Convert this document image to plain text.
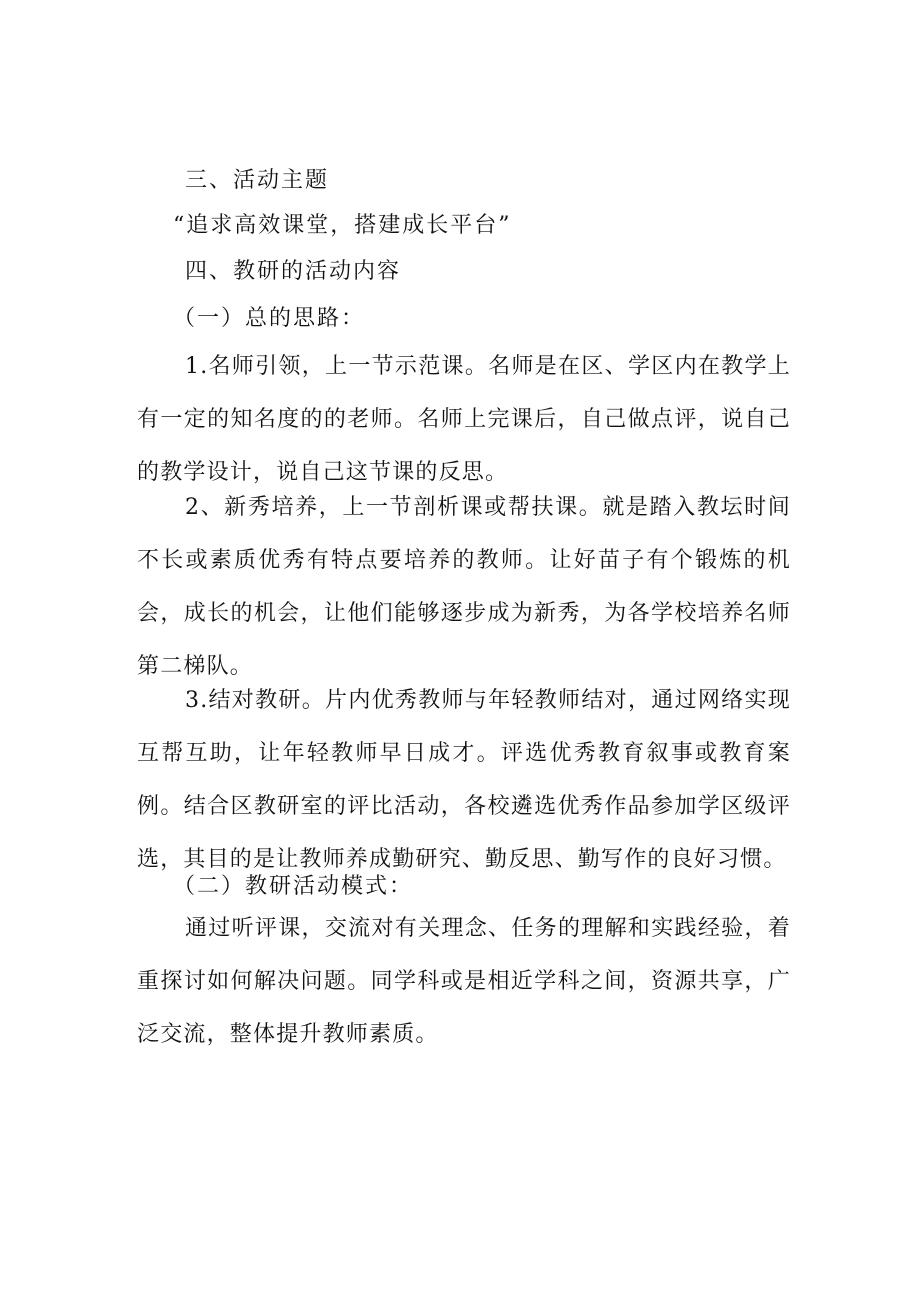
三、活动主题
“追求高效课堂，搭建成长平台”
四、教研的活动内容
（一）总的思路：

1.名师引领，上一节示范课。名师是在区、学区内在教学上有一定的知名度的的老师。名师上完课后，自己做点评，说自己的教学设计，说自己这节课的反思。

2、新秀培养，上一节剖析课或帮扶课。就是踏入教坛时间不长或素质优秀有特点要培养的教师。让好苗子有个锻炼的机会，成长的机会，让他们能够逐步成为新秀，为各学校培养名师第二梯队。

3.结对教研。片内优秀教师与年轻教师结对，通过网络实现互帮互助，让年轻教师早日成才。评选优秀教育叙事或教育案例。结合区教研室的评比活动，各校遴选优秀作品参加学区级评选，其目的是让教师养成勤研究、勤反思、勤写作的良好习惯。

（二）教研活动模式：

通过听评课，交流对有关理念、任务的理解和实践经验，着重探讨如何解决问题。同学科或是相近学科之间，资源共享，广泛交流，整体提升教师素质。
